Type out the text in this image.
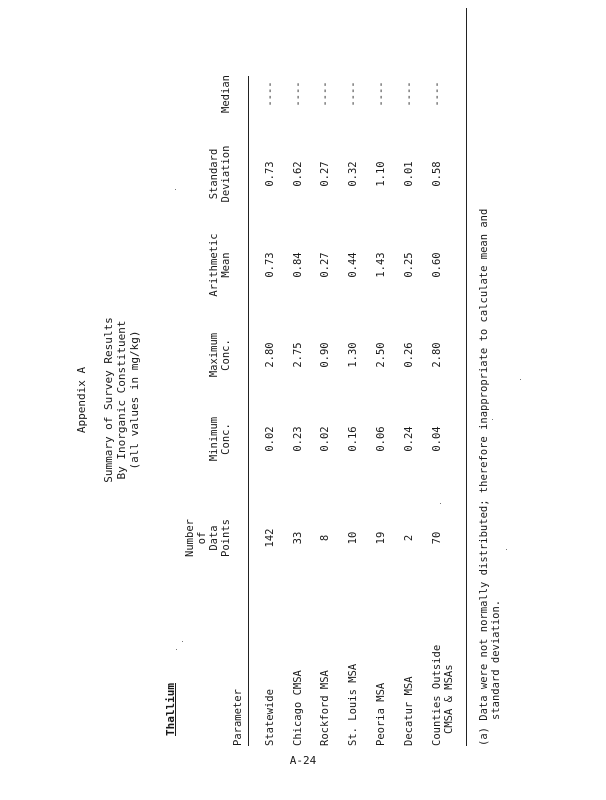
Appendix A Summary of Survey Results By Inorganic Constituent (all values in mg/kg)
Thallium	Parameter
Number of Data Points
Minimum Conc.
Maximum Conc.
Arithmetic Mean
Standard Deviation
Median
Statewide
142
0.02
2.80
0.73
0.73
----
Chicago CMSA
33
0.23
2.75
0.84
0.62
----
Rockford MSA
8
0.02
0.90
0.27
0.27
----
St. Louis MSA
10
0.16
1.30
0.44
0.32
----
Peoria MSA
19
0.06
2.50
1.43
1.10
----
Decatur MSA
2
0.24
0.26
0.25
0.01
----
Counties Outside CMSA & MSAs
70
0.04
2.80
0.60
0.58
----
(a) Data were not normally distributed; therefore inappropriate to calculate mean and standard deviation.
A-24
